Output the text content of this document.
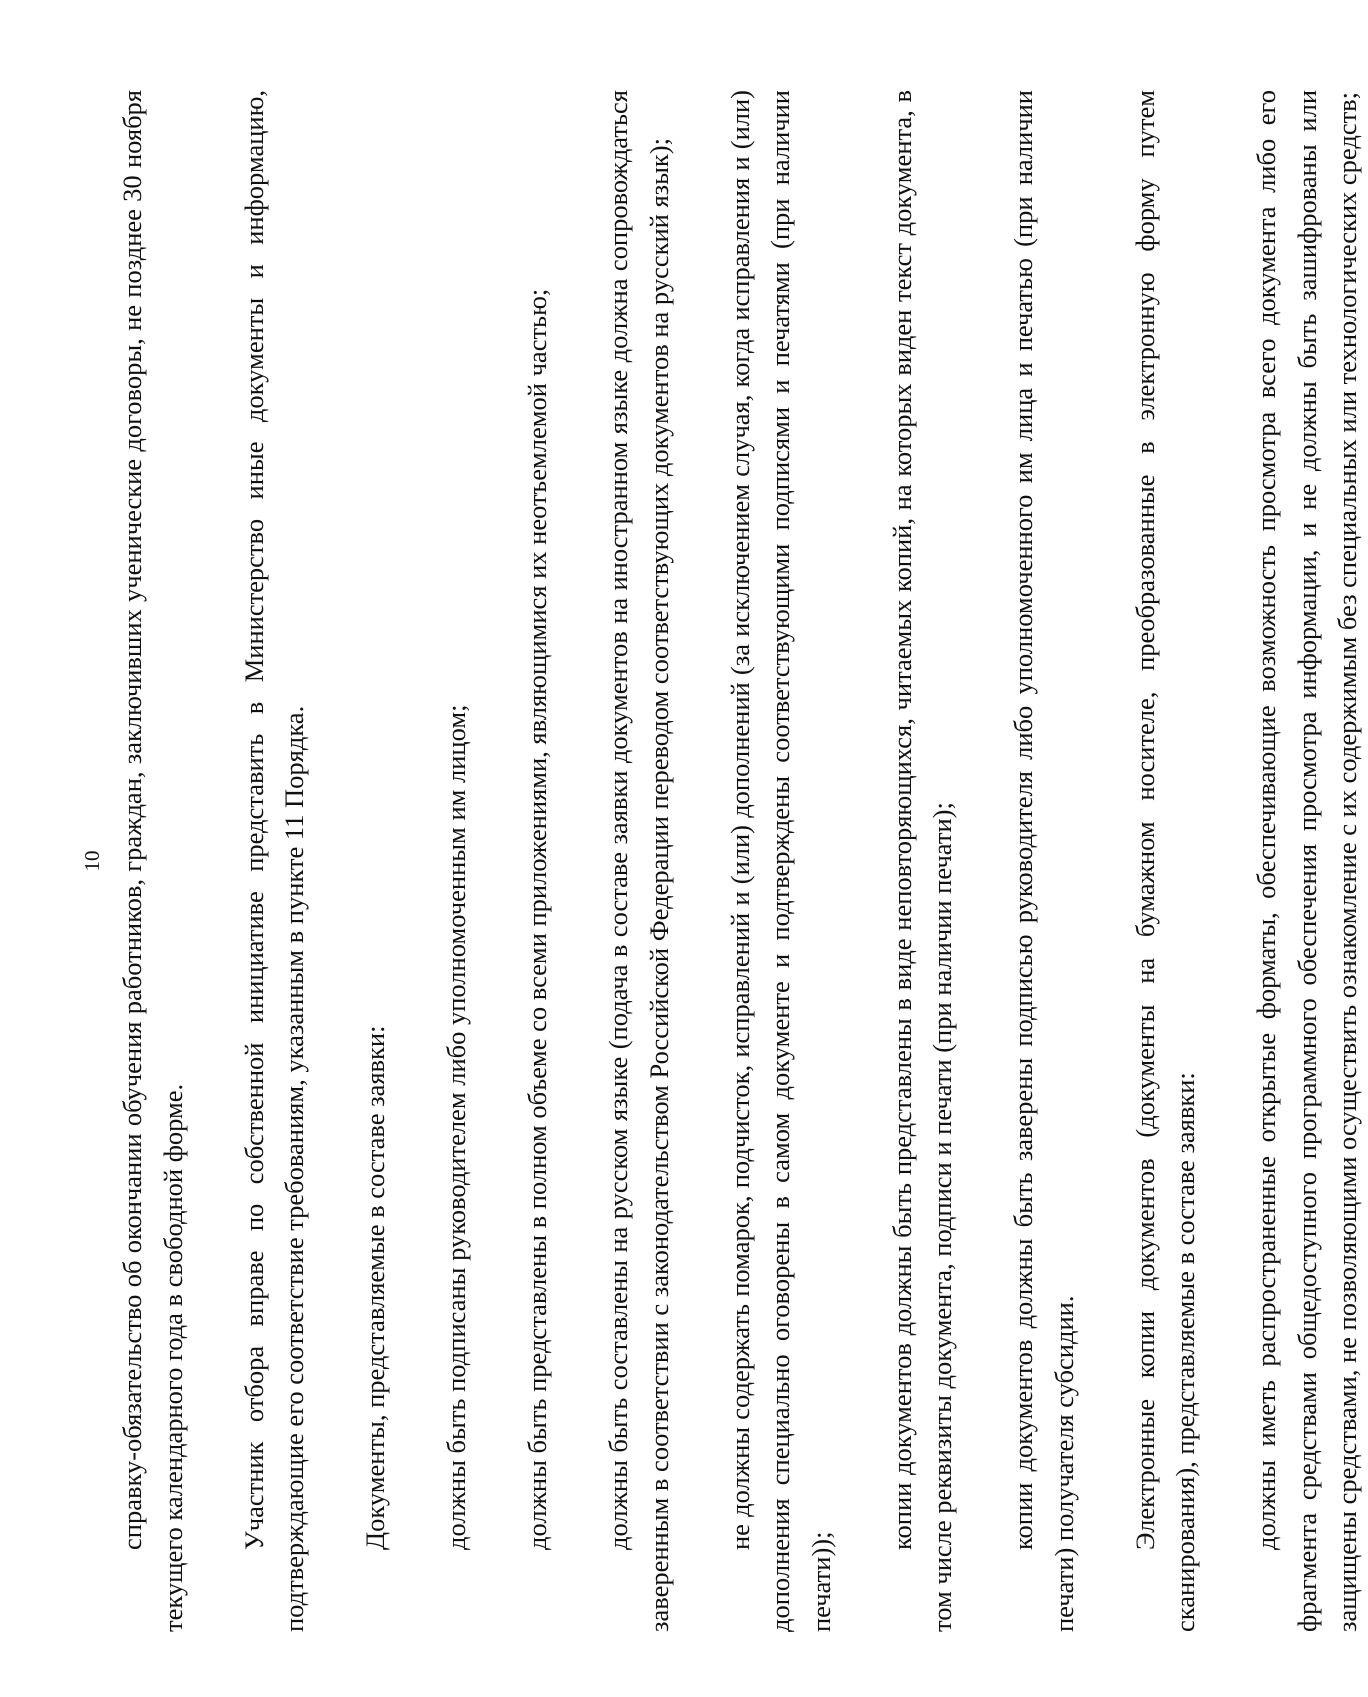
10 справку-обязательство об окончании обучения работников, граждан, заключивших ученические договоры, не позднее 30 ноября текущего календарного года в свободной форме. Участник отбора вправе по собственной инициативе представить в Министерство иные документы и информацию, подтверждающие его соответствие требованиям, указанным в пункте 11 Порядка. Документы, представляемые в составе заявки: должны быть подписаны руководителем либо уполномоченным им лицом; должны быть представлены в полном объеме со всеми приложениями, являющимися их неотъемлемой частью; должны быть составлены на русском языке (подача в составе заявки документов на иностранном языке должна сопровождаться заверенным в соответствии с законодательством Российской Федерации переводом соответствующих документов на русский язык); не должны содержать помарок, подчисток, исправлений и (или) дополнений (за исключением случая, когда исправления и (или) дополнения специально оговорены в самом документе и подтверждены соответствующими подписями и печатями (при наличии печати));

копии документов должны быть представлены в виде неповторяющихся, читаемых копий, на которых виден текст документа, в том числе реквизиты документа, подписи и печати (при наличии печати); копии документов должны быть заверены подписью руководителя либо уполномоченного им лица и печатью (при наличии печати) получателя субсидии. Электронные копии документов (документы на бумажном носителе, преобразованные в электронную форму путем сканирования), представляемые в составе заявки: должны иметь распространенные открытые форматы, обеспечивающие возможность просмотра всего документа либо его фрагмента средствами общедоступного программного обеспечения просмотра информации, и не должны быть зашифрованы или защищены средствами, не позволяющими осуществить ознакомление с их содержимым без специальных или технологических средств;
